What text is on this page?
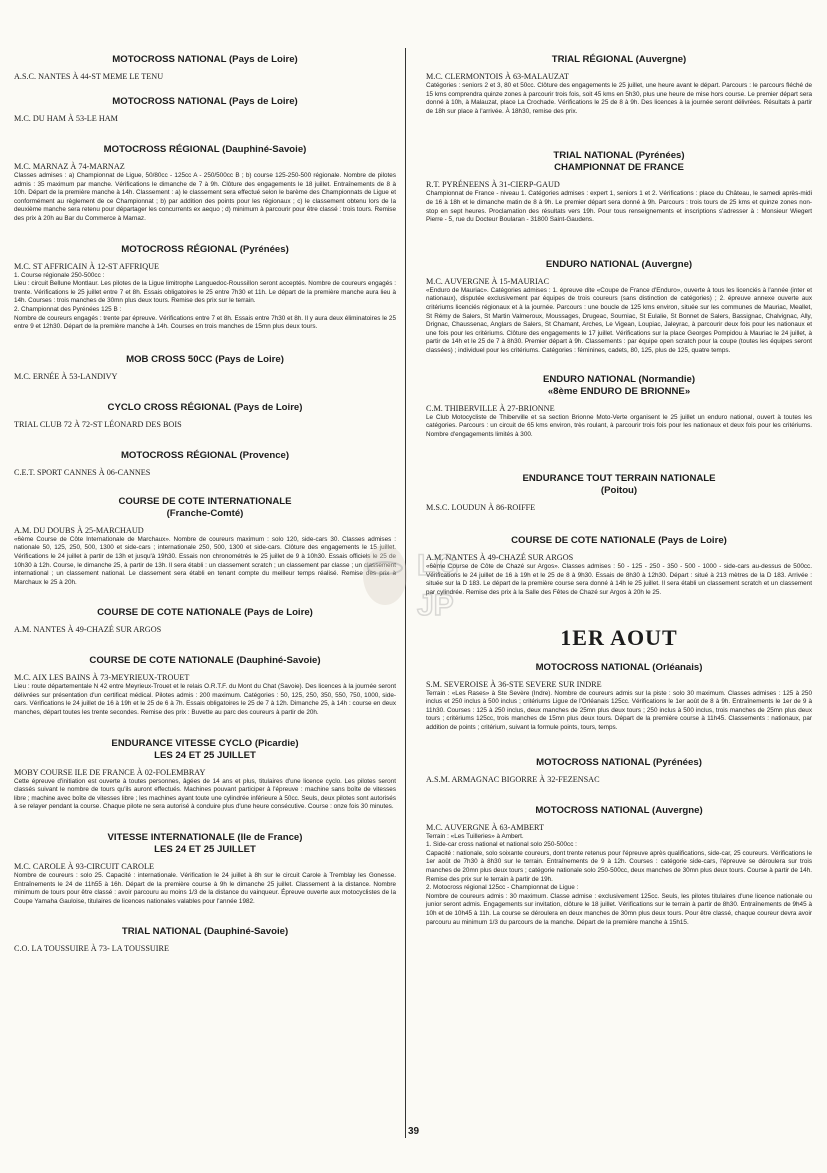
MOTOCROSS NATIONAL (Pays de Loire)
A.S.C. NANTES À 44-ST MEME LE TENU
MOTOCROSS NATIONAL (Pays de Loire)
M.C. DU HAM À 53-LE HAM
MOTOCROSS RÉGIONAL (Dauphiné-Savoie)
M.C. MARNAZ À 74-MARNAZ

Classes admises : a) Championnat de Ligue, 50/80cc - 125cc A - 250/500cc B ; b) course 125-250-500 régionale. Nombre de pilotes admis : 35 maximum par manche. Vérifications le dimanche de 7 à 9h. Clôture des engagements le 18 juillet. Entraînements de 8 à 10h. Départ de la première manche à 14h. Classement : a) le classement sera effectué selon le barème des Championnats de Ligue et conformément au règlement de ce Championnat ; b) par addition des points pour les régionaux ; c) le classement obtenu lors de la deuxième manche sera retenu pour départager les concurrents ex aequo ; d) minimum à parcourir pour être classé : trois tours. Remise des prix à 20h au Bar du Commerce à Marnaz.

MOTOCROSS RÉGIONAL (Pyrénées)
M.C. ST AFFRICAIN À 12-ST AFFRIQUE

1. Course régionale 250-500cc :

Lieu : circuit Bellune Montlaur. Les pilotes de la Ligue limitrophe Languedoc-Roussillon seront acceptés. Nombre de coureurs engagés : trente. Vérifications le 25 juillet entre 7 et 8h. Essais obligatoires le 25 entre 7h30 et 11h. Le départ de la première manche aura lieu à 14h. Courses : trois manches de 30mn plus deux tours. Remise des prix sur le terrain.

2. Championnat des Pyrénées 125 B :

Nombre de coureurs engagés : trente par épreuve. Vérifications entre 7 et 8h. Essais entre 7h30 et 8h. Il y aura deux éliminatoires le 25 entre 9 et 12h30. Départ de la première manche à 14h. Courses en trois manches de 15mn plus deux tours.

MOB CROSS 50CC (Pays de Loire)
M.C. ERNÉE À 53-LANDIVY
CYCLO CROSS RÉGIONAL (Pays de Loire)
TRIAL CLUB 72 À 72-ST LÉONARD DES BOIS
MOTOCROSS RÉGIONAL (Provence)
C.E.T. SPORT CANNES À 06-CANNES
COURSE DE COTE INTERNATIONALE
(Franche-Comté)
A.M. DU DOUBS À 25-MARCHAUD

«6ème Course de Côte Internationale de Marchaux». Nombre de coureurs maximum : solo 120, side-cars 30. Classes admises : nationale 50, 125, 250, 500, 1300 et side-cars ; internationale 250, 500, 1300 et side-cars. Clôture des engagements le 15 juillet. Vérifications le 24 juillet à partir de 13h et jusqu'à 19h30. Essais non chronométrés le 25 juillet de 9 à 10h30. Essais officiels le 25 de 10h30 à 12h. Course, le dimanche 25, à partir de 13h. Il sera établi : un classement scratch ; un classement par classe ; un classement international ; un classement national. Le classement sera établi en tenant compte du meilleur temps réalisé. Remise des prix à Marchaux le 25 à 20h.

COURSE DE COTE NATIONALE (Pays de Loire)
A.M. NANTES À 49-CHAZÉ SUR ARGOS
COURSE DE COTE NATIONALE (Dauphiné-Savoie)
M.C. AIX LES BAINS À 73-MEYRIEUX-TROUET

Lieu : route départementale N 42 entre Meyrieux-Trouet et le relais O.R.T.F. du Mont du Chat (Savoie). Des licences à la journée seront délivrées sur présentation d'un certificat médical. Pilotes admis : 200 maximum. Catégories : 50, 125, 250, 350, 550, 750, 1000, side-cars. Vérifications le 24 juillet de 16 à 19h et le 25 de 6 à 7h. Essais obligatoires le 25 de 7 à 12h. Dimanche 25, à 14h : course en deux manches, départ toutes les trente secondes. Remise des prix : Buvette au parc des coureurs à partir de 20h.

ENDURANCE VITESSE CYCLO (Picardie)
LES 24 ET 25 JUILLET
MOBY COURSE ILE DE FRANCE À 02-FOLEMBRAY

Cette épreuve d'initiation est ouverte à toutes personnes, âgées de 14 ans et plus, titulaires d'une licence cyclo. Les pilotes seront classés suivant le nombre de tours qu'ils auront effectués. Machines pouvant participer à l'épreuve : machine sans boîte de vitesses libre ; machine avec boîte de vitesses libre ; les machines ayant toute une cylindrée inférieure à 50cc. Seuls, deux pilotes sont autorisés à se relayer pendant la course. Chaque pilote ne sera autorisé à conduire plus d'une heure consécutive. Course : onze fois 30 minutes.

VITESSE INTERNATIONALE (Ile de France)
LES 24 ET 25 JUILLET
M.C. CAROLE À 93-CIRCUIT CAROLE

Nombre de coureurs : solo 25. Capacité : internationale. Vérification le 24 juillet à 8h sur le circuit Carole à Tremblay les Gonesse. Entraînements le 24 de 11h55 à 16h. Départ de la première course à 9h le dimanche 25 juillet. Classement à la distance. Nombre minimum de tours pour être classé : avoir parcouru au moins 1/3 de la distance du vainqueur. Épreuve ouverte aux motocyclistes de la Coupe Yamaha Gauloise, titulaires de licences nationales valables pour l'année 1982.

TRIAL NATIONAL (Dauphiné-Savoie)
C.O. LA TOUSSUIRE À 73- LA TOUSSUIRE
TRIAL RÉGIONAL (Auvergne)
M.C. CLERMONTOIS À 63-MALAUZAT

Catégories : seniors 2 et 3, 80 et 50cc. Clôture des engagements le 25 juillet, une heure avant le départ. Parcours : le parcours fléché de 15 kms comprendra quinze zones à parcourir trois fois, soit 45 kms en 5h30, plus une heure de mise hors course. Le premier départ sera donné à 10h, à Malauzat, place La Crochade. Vérifications le 25 de 8 à 9h. Des licences à la journée seront délivrées. Résultats à partir de 18h sur place à l'arrivée. À 18h30, remise des prix.

TRIAL NATIONAL (Pyrénées)
CHAMPIONNAT DE FRANCE
R.T. PYRÉNEENS À 31-CIERP-GAUD

Championnat de France - niveau 1. Catégories admises : expert 1, seniors 1 et 2. Vérifications : place du Château, le samedi après-midi de 16 à 18h et le dimanche matin de 8 à 9h. Le premier départ sera donné à 9h. Parcours : trois tours de 25 kms et quinze zones non-stop en sept heures. Proclamation des résultats vers 19h. Pour tous renseignements et inscriptions s'adresser à : Monsieur Wiegert Pierre - 5, rue du Docteur Boularan - 31800 Saint-Gaudens.

ENDURO NATIONAL (Auvergne)
M.C. AUVERGNE À 15-MAURIAC

«Enduro de Mauriac». Catégories admises : 1. épreuve dite «Coupe de France d'Enduro», ouverte à tous les licenciés à l'année (inter et nationaux), disputée exclusivement par équipes de trois coureurs (sans distinction de catégories) ; 2. épreuve annexe ouverte aux critériums licenciés régionaux et à la journée. Parcours : une boucle de 125 kms environ, située sur les communes de Mauriac, Meallet, St Rémy de Salers, St Martin Valmeroux, Moussages, Drugeac, Sourniac, St Eulalie, St Bonnet de Salers, Bassignac, Chalvignac, Ally, Drignac, Chaussenac, Anglars de Salers, St Chamant, Arches, Le Vigean, Loupiac, Jaleyrac, à parcourir deux fois pour les nationaux et une fois pour les critériums. Clôture des engagements le 17 juillet. Vérifications sur la place Georges Pompidou à Mauriac le 24 juillet, à partir de 14h et le 25 de 7 à 8h30. Premier départ à 9h. Classements : par équipe open scratch pour la coupe (toutes les équipes seront classées) ; individuel pour les critériums. Catégories : féminines, cadets, 80, 125, plus de 125, quatre temps.

ENDURO NATIONAL (Normandie)
«8ème ENDURO DE BRIONNE»
C.M. THIBERVILLE À 27-BRIONNE

Le Club Motocycliste de Thiberville et sa section Brionne Moto-Verte organisent le 25 juillet un enduro national, ouvert à toutes les catégories. Parcours : un circuit de 65 kms environ, très roulant, à parcourir trois fois pour les nationaux et deux fois pour les critériums. Nombre d'engagements limités à 300.

ENDURANCE TOUT TERRAIN NATIONALE
(Poitou)
M.S.C. LOUDUN À 86-ROIFFE
COURSE DE COTE NATIONALE (Pays de Loire)
A.M. NANTES À 49-CHAZÉ SUR ARGOS

«6ème Course de Côte de Chazé sur Argos». Classes admises : 50 - 125 - 250 - 350 - 500 - 1000 - side-cars au-dessus de 500cc. Vérifications le 24 juillet de 16 à 19h et le 25 de 8 à 9h30. Essais de 8h30 à 12h30. Départ : situé à 213 mètres de la D 183. Arrivée : située sur la D 183. Le départ de la première course sera donné à 14h le 25 juillet. Il sera établi un classement scratch et un classement par cylindrée. Remise des prix à la Salle des Fêtes de Chazé sur Argos à 20h le 25.

1ER AOUT
MOTOCROSS NATIONAL (Orléanais)
S.M. SEVEROISE À 36-STE SEVERE SUR INDRE

Terrain : «Les Rases» à Ste Sevère (Indre). Nombre de coureurs admis sur la piste : solo 30 maximum. Classes admises : 125 à 250 inclus et 250 inclus à 500 inclus ; critériums Ligue de l'Orléanais 125cc. Vérifications le 1er août de 8 à 9h. Entraînements le 1er de 9 à 11h30. Courses : 125 à 250 inclus, deux manches de 25mn plus deux tours ; 250 inclus à 500 inclus, trois manches de 25mn plus deux tours ; critériums 125cc, trois manches de 15mn plus deux tours. Départ de la première course à 11h45. Classements : nationaux, par addition de points ; critérium, suivant la formule points, tours, temps.

MOTOCROSS NATIONAL (Pyrénées)
A.S.M. ARMAGNAC BIGORRE À 32-FEZENSAC
MOTOCROSS NATIONAL (Auvergne)
M.C. AUVERGNE À 63-AMBERT

Terrain : «Les Tuilleries» à Ambert.

1. Side-car cross national et national solo 250-500cc :

Capacité : nationale, solo soixante coureurs, dont trente retenus pour l'épreuve après qualifications, side-car, 25 coureurs. Vérifications le 1er août de 7h30 à 8h30 sur le terrain. Entraînements de 9 à 12h. Courses : catégorie side-cars, l'épreuve se déroulera sur trois manches de 20mn plus deux tours ; catégorie nationale solo 250-500cc, deux manches de 30mn plus deux tours. Course à partir de 14h. Remise des prix sur le terrain à partir de 19h.

2. Motocross régional 125cc - Championnat de Ligue :

Nombre de coureurs admis : 30 maximum. Classe admise : exclusivement 125cc. Seuls, les pilotes titulaires d'une licence nationale ou junior seront admis. Engagements sur invitation, clôture le 18 juillet. Vérifications sur le terrain à partir de 8h30. Entraînements de 9h45 à 10h et de 10h45 à 11h. La course se déroulera en deux manches de 30mn plus deux tours. Pour être classé, chaque coureur devra avoir parcouru au minimum 1/3 du parcours de la manche. Départ de la première manche à 15h15.

LG
JP
39
